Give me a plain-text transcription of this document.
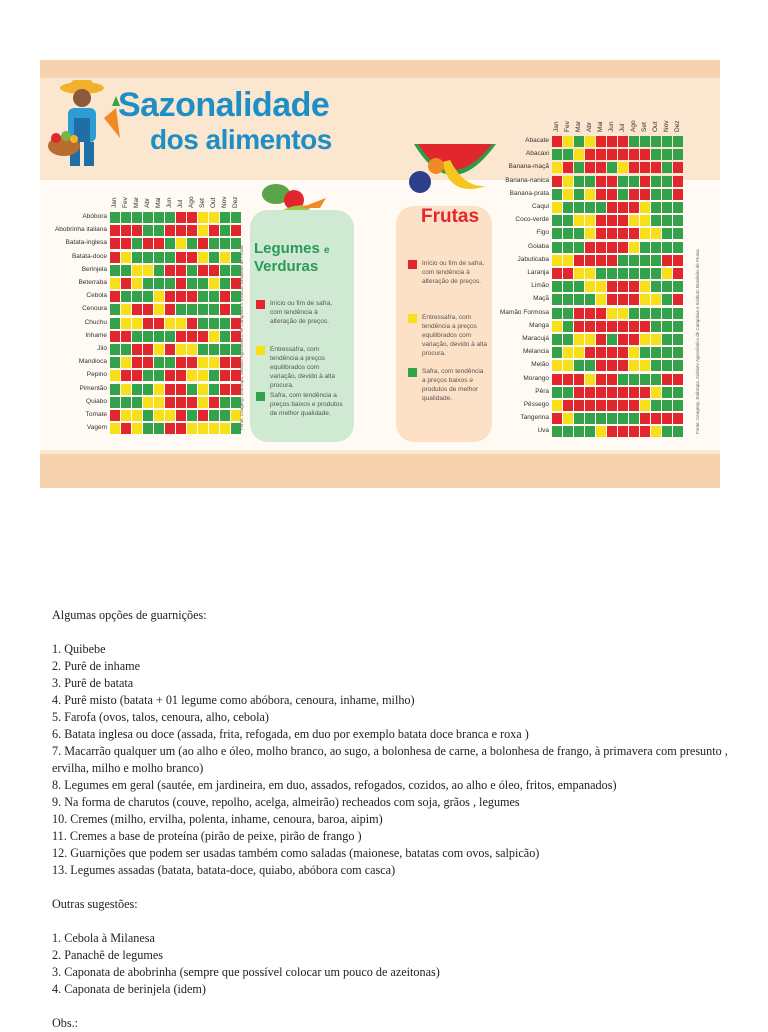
Sazonalidade
dos alimentos
Jan Fev Mar Abr Mai Jun Jul Ago Set Out Nov Dez
Abóbora
Abobrinha italiana
Batata-inglesa
Batata-doce
Berinjela
Beterraba
Cebola
Cenoura
Chuchu
Inhame
Jiló
Mandioca
Pepino
Pimentão
Quiabo
Tomate
Vagem
Legumes e
Verduras
Início ou fim de safra, com tendência à alteração de preços.
Entressafra, com tendência a preços equilibrados com variação, devido à alta procura.
Safra, com tendência a preços baixos e produtos de melhor qualidade.
Fonte: Ceagesp, Embrapa, Instituto Agronômico de Campinas e Instituto Brasileiro de Frutas
Frutas
Início ou fim de safra, com tendência à alteração de preços.
Entressafra, com tendência a preços equilibrados com variação, devido à alta procura.
Safra, com tendência a preços baixos e produtos de melhor qualidade.
Jan Fev Mar Abr Mai Jun Jul Ago Set Out Nov Dez
Abacate
Abacaxi
Banana-maçã
Banana-nanica
Banana-prata
Caqui
Coco-verde
Figo
Goiaba
Jabuticaba
Laranja
Limão
Maçã
Mamão Formosa
Manga
Maracujá
Melancia
Melão
Morango
Pêra
Pêssego
Tangerina
Uva	Fonte: Ceagesp, Embrapa, Instituto Agronômico de Campinas e Instituto Brasileiro de Frutas

Algumas opções de guarnições:

1. Quibebe

2. Purê de inhame

3. Purê de batata

4. Purê misto (batata + 01 legume como abóbora, cenoura, inhame, milho)

5. Farofa (ovos, talos, cenoura, alho, cebola)

6. Batata inglesa ou doce (assada, frita, refogada, em duo por exemplo batata doce branca e roxa )

7. Macarrão qualquer um (ao alho e óleo, molho branco, ao sugo, a bolonhesa de carne, a bolonhesa de frango, à primavera com presunto , ervilha, milho e molho branco)

8. Legumes em geral (sautée, em jardineira, em duo, assados, refogados, cozidos, ao alho e óleo, fritos, empanados)

9. Na forma de charutos (couve, repolho, acelga, almeirão) recheados com soja, grãos , legumes

10. Cremes (milho, ervilha, polenta, inhame, cenoura, baroa, aipim)

11. Cremes a base de proteína (pirão de peixe, pirão de frango )

12. Guarnições que podem ser usadas também como saladas (maionese, batatas com ovos, salpicão)

13. Legumes assadas (batata, batata-doce, quiabo, abóbora com casca)

Outras sugestões:

1. Cebola à Milanesa

2. Panachê de legumes

3. Caponata de abobrinha (sempre que possível colocar um pouco de azeitonas)

4. Caponata de berinjela (idem)

Obs.:
